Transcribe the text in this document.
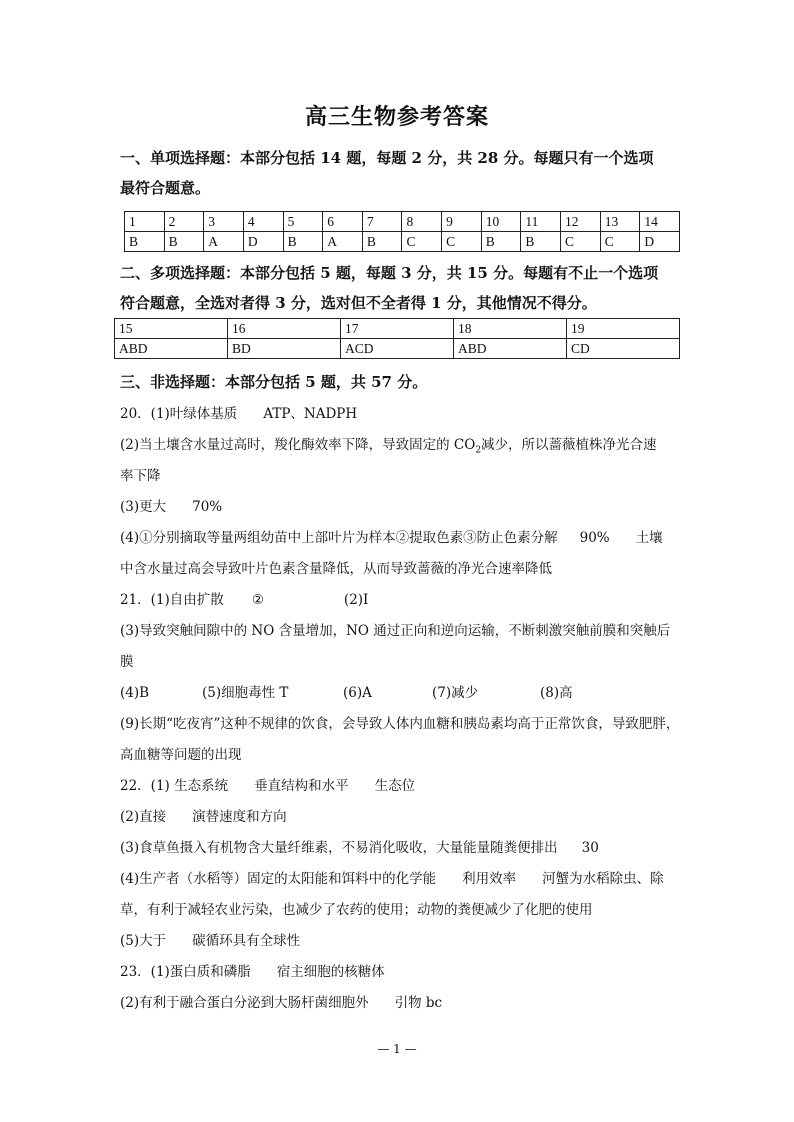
高三生物参考答案
一、单项选择题：本部分包括 14 题，每题 2 分，共 28 分。每题只有一个选项
最符合题意。
1	2	3	4	5	6	7	8	9	10	11	12	13	14
B	B	A	D	B	A	B	C	C	B	B	C	C	D
二、多项选择题：本部分包括 5 题，每题 3 分，共 15 分。每题有不止一个选项
符合题意，全选对者得 3 分，选对但不全者得 1 分，其他情况不得分。
15	16	17	18	19
ABD	BD	ACD	ABD	CD
三、非选择题：本部分包括 5 题，共 57 分。
20．(1)叶绿体基质 ATP、NADPH
(2)当土壤含水量过高时，羧化酶效率下降，导致固定的 $CO_2$减少，所以蔷薇植株净光合速
率下降
(3)更大 70%
(4)①分别摘取等量两组幼苗中上部叶片为样本②提取色素③防止色素分解 90% 土壤
中含水量过高会导致叶片色素含量降低，从而导致蔷薇的净光合速率降低
21．(1)自由扩散 ②	(2)I
(3)导致突触间隙中的 NO 含量增加，NO 通过正向和逆向运输，不断刺激突触前膜和突触后
膜
(4)B	(5)细胞毒性 T	(6)A	(7)减少	(8)高
(9)长期“吃夜宵”这种不规律的饮食，会导致人体内血糖和胰岛素均高于正常饮食，导致肥胖，
高血糖等问题的出现
22．(1) 生态系统 垂直结构和水平 生态位
(2)直接 演替速度和方向
(3)食草鱼摄入有机物含大量纤维素，不易消化吸收，大量能量随粪便排出 30
(4)生产者（水稻等）固定的太阳能和饵料中的化学能 利用效率 河蟹为水稻除虫、除
草，有利于减轻农业污染，也减少了农药的使用；动物的粪便减少了化肥的使用
(5)大于 碳循环具有全球性
23．(1)蛋白质和磷脂 宿主细胞的核糖体
(2)有利于融合蛋白分泌到大肠杆菌细胞外 引物 bc
— 1 —
